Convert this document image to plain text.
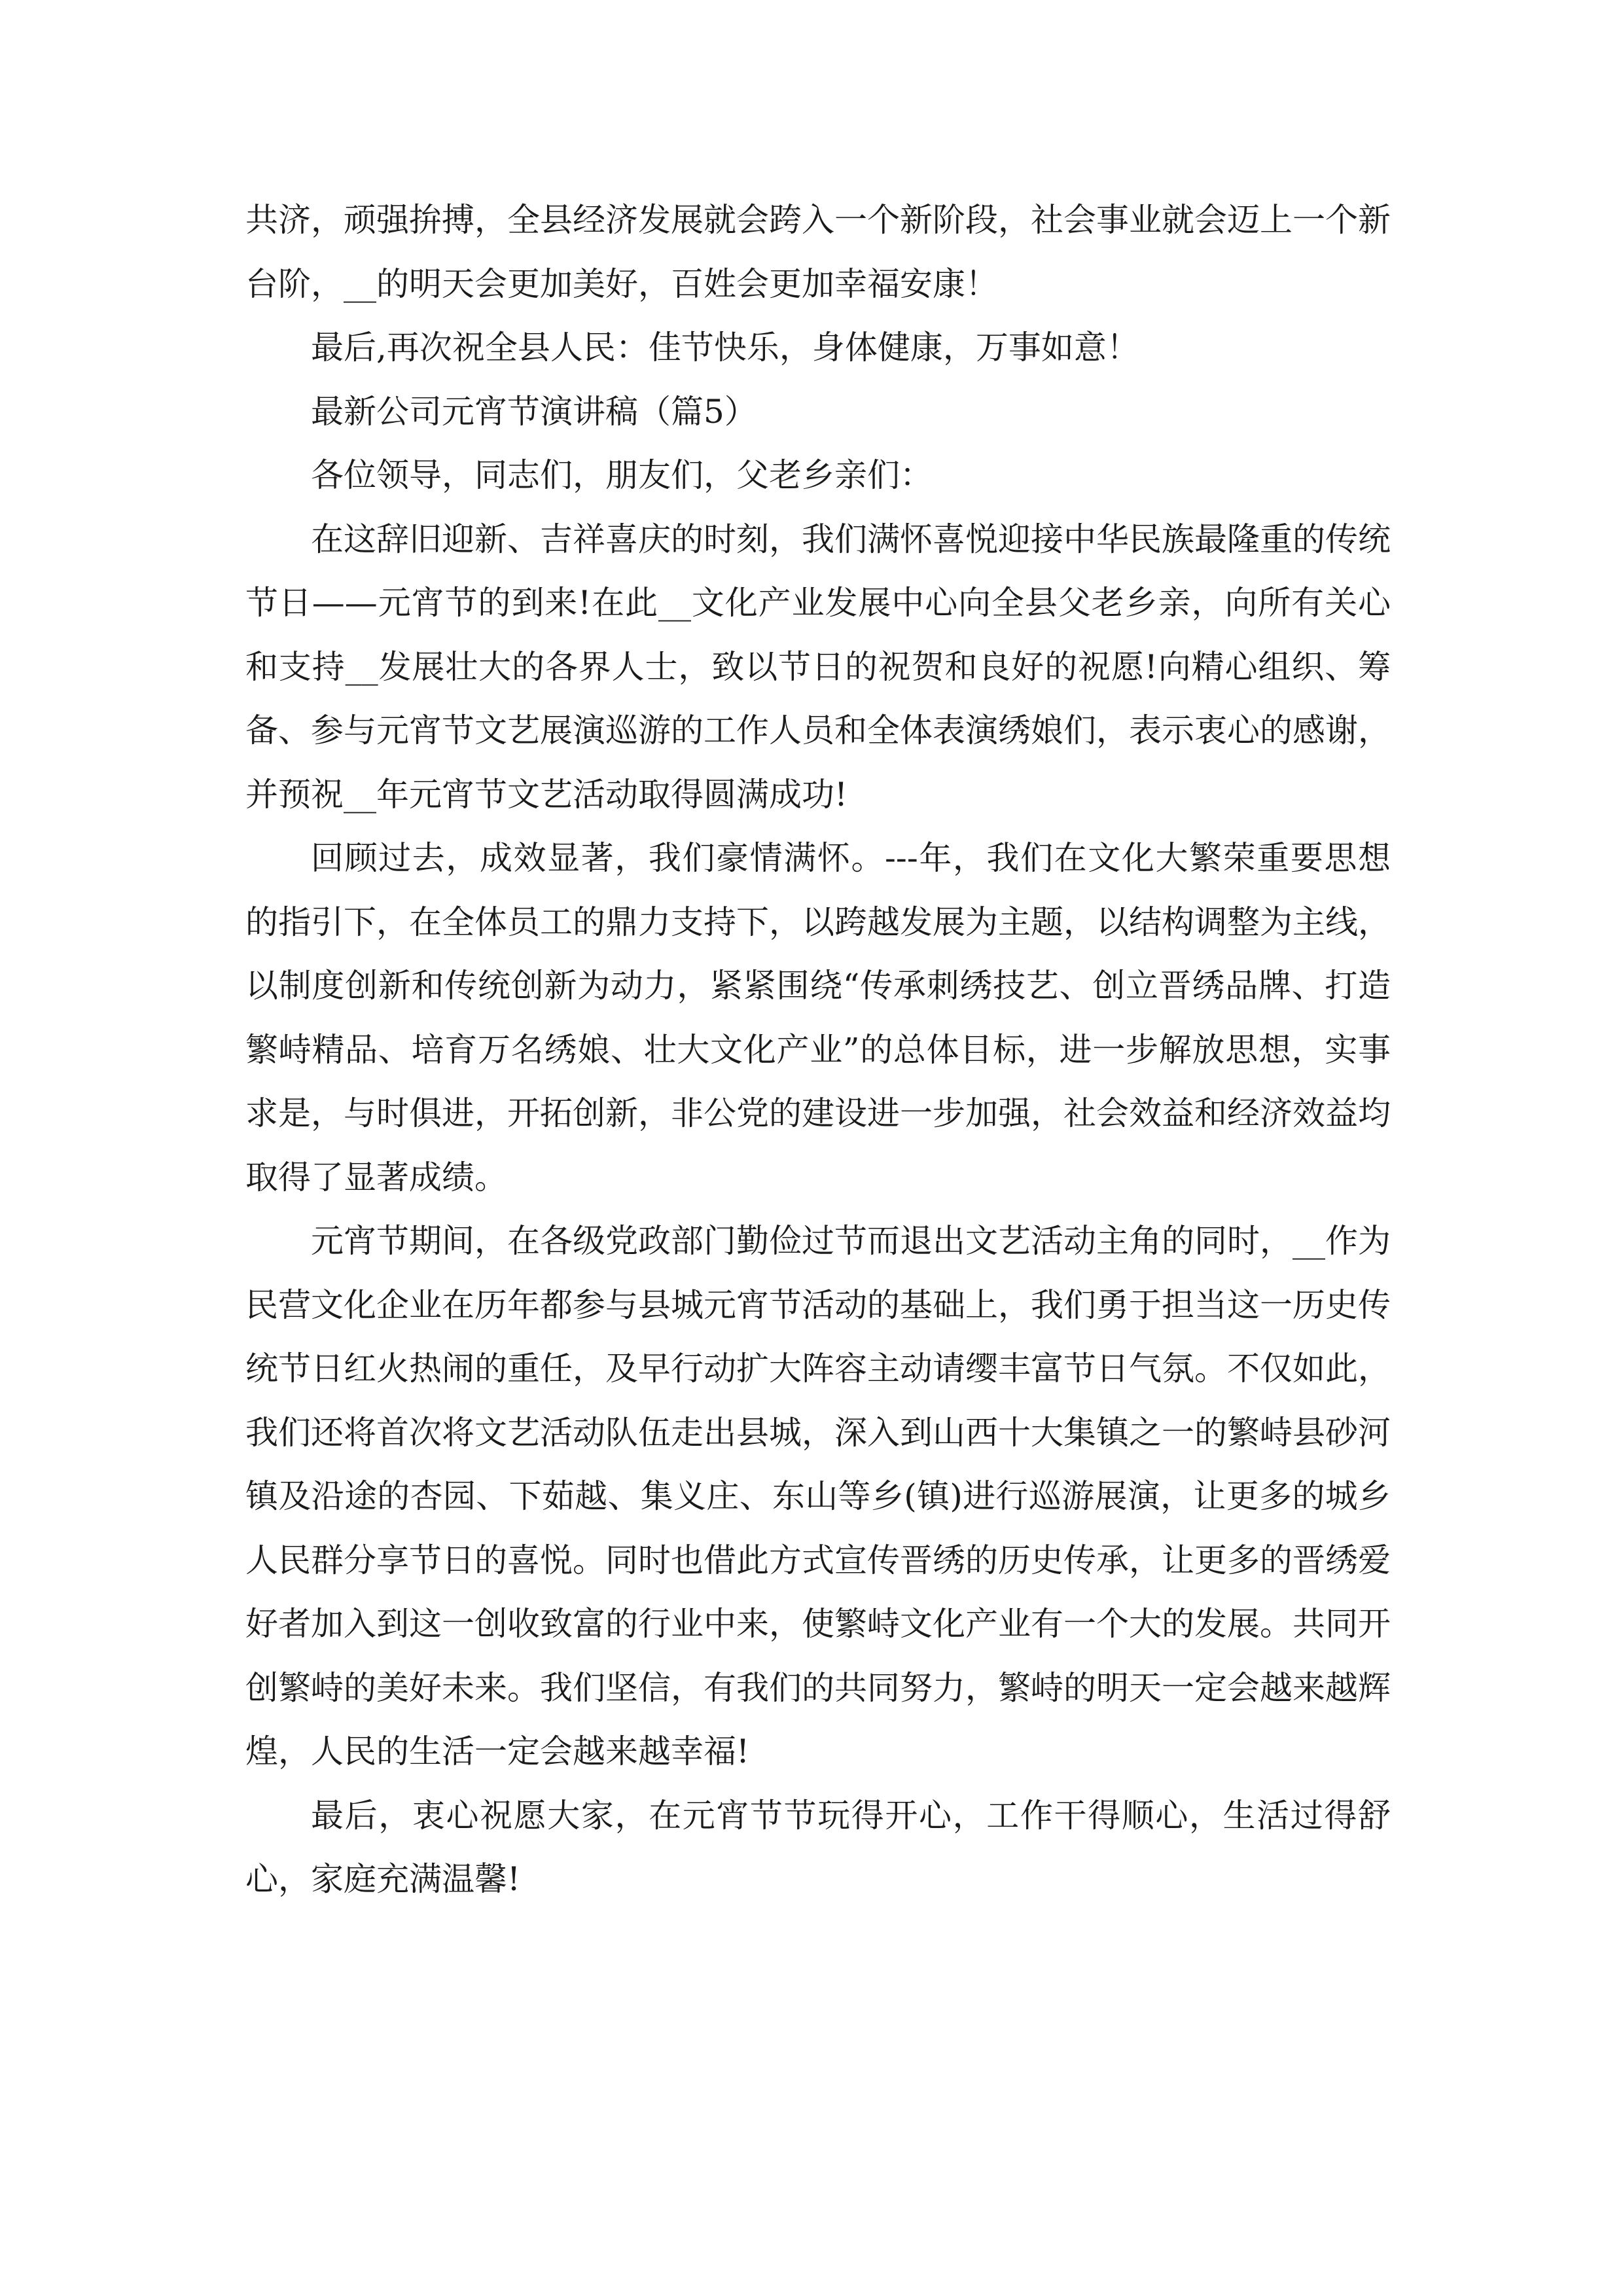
共济，顽强拚搏，全县经济发展就会跨入一个新阶段，社会事业就会迈上一个新台阶，__的明天会更加美好，百姓会更加幸福安康！

最后,再次祝全县人民：佳节快乐，身体健康，万事如意！

最新公司元宵节演讲稿（篇5）

各位领导，同志们，朋友们，父老乡亲们：

在这辞旧迎新、吉祥喜庆的时刻，我们满怀喜悦迎接中华民族最隆重的传统节日——元宵节的到来!在此__文化产业发展中心向全县父老乡亲，向所有关心和支持__发展壮大的各界人士，致以节日的祝贺和良好的祝愿!向精心组织、筹备、参与元宵节文艺展演巡游的工作人员和全体表演绣娘们，表示衷心的感谢，并预祝__年元宵节文艺活动取得圆满成功!

回顾过去，成效显著，我们豪情满怀。---年，我们在文化大繁荣重要思想的指引下，在全体员工的鼎力支持下，以跨越发展为主题，以结构调整为主线，以制度创新和传统创新为动力，紧紧围绕“传承刺绣技艺、创立晋绣品牌、打造繁峙精品、培育万名绣娘、壮大文化产业”的总体目标，进一步解放思想，实事求是，与时俱进，开拓创新，非公党的建设进一步加强，社会效益和经济效益均取得了显著成绩。

元宵节期间，在各级党政部门勤俭过节而退出文艺活动主角的同时，__作为民营文化企业在历年都参与县城元宵节活动的基础上，我们勇于担当这一历史传统节日红火热闹的重任，及早行动扩大阵容主动请缨丰富节日气氛。不仅如此，我们还将首次将文艺活动队伍走出县城，深入到山西十大集镇之一的繁峙县砂河镇及沿途的杏园、下茹越、集义庄、东山等乡(镇)进行巡游展演，让更多的城乡人民群分享节日的喜悦。同时也借此方式宣传晋绣的历史传承，让更多的晋绣爱好者加入到这一创收致富的行业中来，使繁峙文化产业有一个大的发展。共同开创繁峙的美好未来。我们坚信，有我们的共同努力，繁峙的明天一定会越来越辉煌，人民的生活一定会越来越幸福!

最后，衷心祝愿大家，在元宵节节玩得开心，工作干得顺心，生活过得舒心，家庭充满温馨!
